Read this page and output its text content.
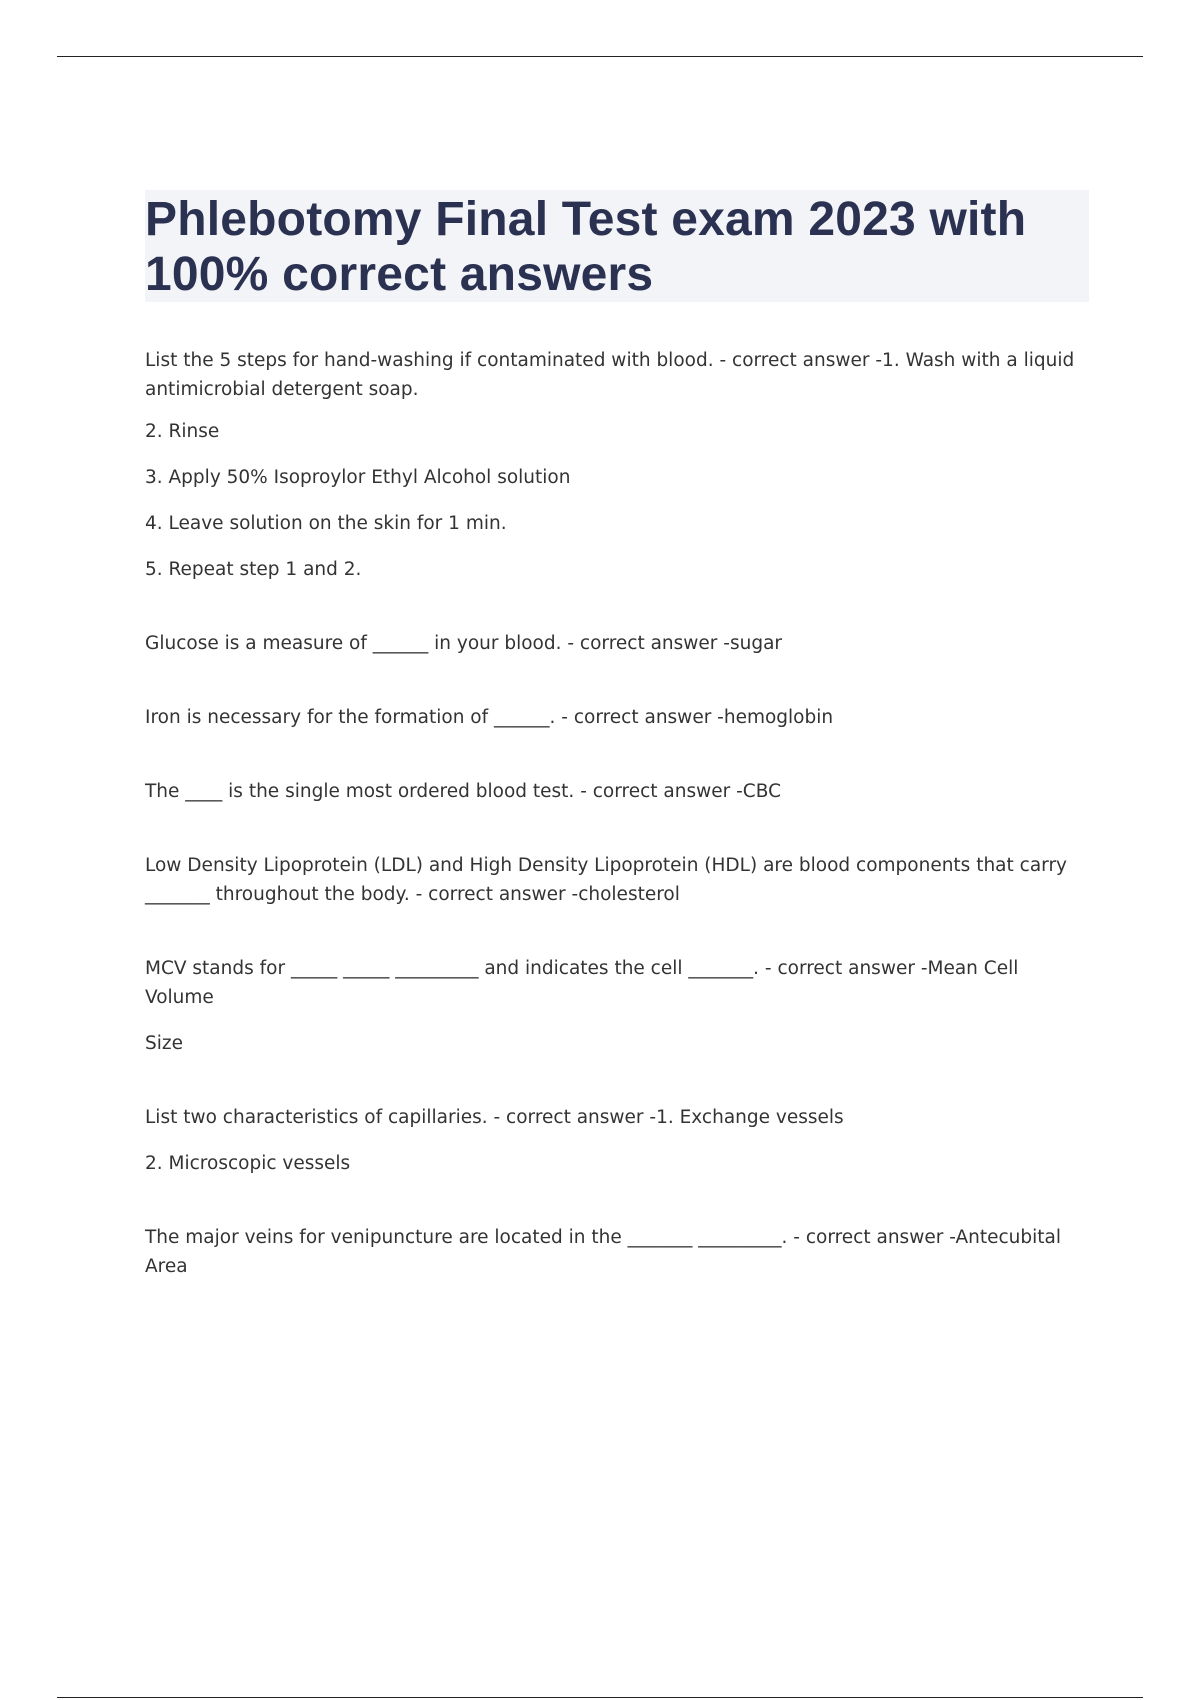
Phlebotomy Final Test exam 2023 with 100% correct answers

List the 5 steps for hand-washing if contaminated with blood. - correct answer -1. Wash with a liquid antimicrobial detergent soap.

2. Rinse

3. Apply 50% Isoproylor Ethyl Alcohol solution

4. Leave solution on the skin for 1 min.

5. Repeat step 1 and 2.

Glucose is a measure of ______ in your blood. - correct answer -sugar

Iron is necessary for the formation of ______. - correct answer -hemoglobin

The ____ is the single most ordered blood test. - correct answer -CBC

Low Density Lipoprotein (LDL) and High Density Lipoprotein (HDL) are blood components that carry _______ throughout the body. - correct answer -cholesterol

MCV stands for _____ _____ _________ and indicates the cell _______. - correct answer -Mean Cell Volume

Size

List two characteristics of capillaries. - correct answer -1. Exchange vessels

2. Microscopic vessels

The major veins for venipuncture are located in the _______ _________. - correct answer -Antecubital Area
